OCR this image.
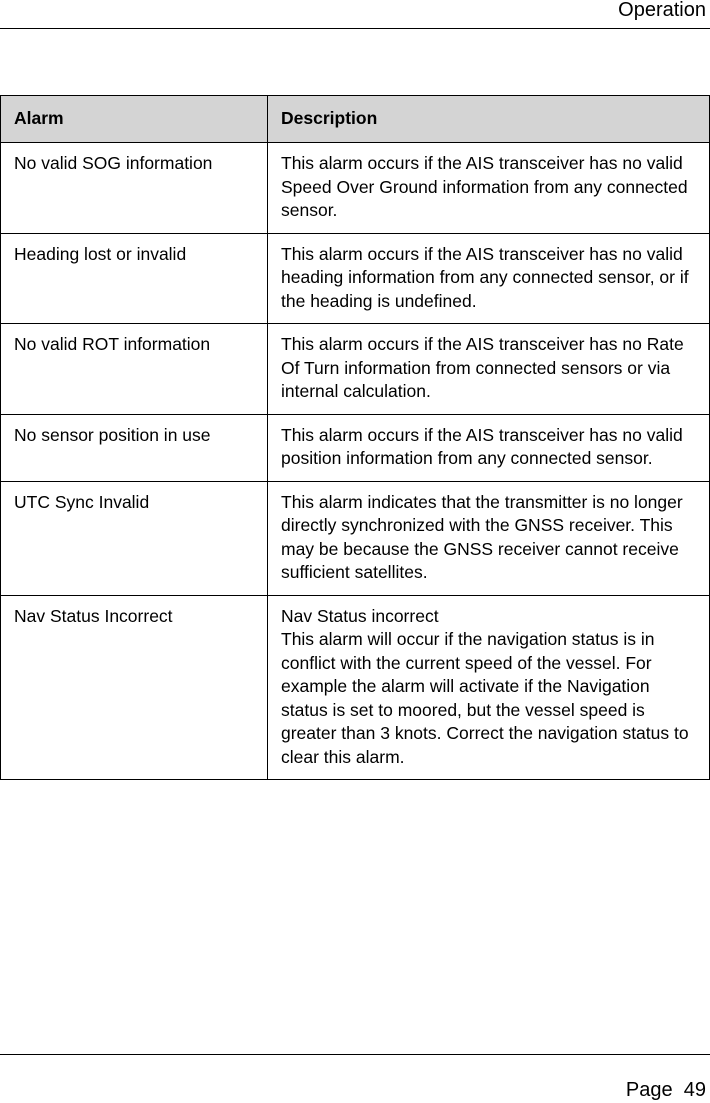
Operation
Alarm	Description
No valid SOG information	This alarm occurs if the AIS transceiver has no valid Speed Over Ground information from any connected sensor.

Heading lost or invalid	This alarm occurs if the AIS transceiver has no valid heading information from any connected sensor, or if the heading is undefined.

No valid ROT information	This alarm occurs if the AIS transceiver has no Rate Of Turn information from connected sensors or via internal calculation.

No sensor position in use	This alarm occurs if the AIS transceiver has no valid position information from any connected sensor.

UTC Sync Invalid	This alarm indicates that the transmitter is no longer directly synchronized with the GNSS receiver. This may be because the GNSS receiver cannot receive sufficient satellites.

Nav Status Incorrect	Nav Status incorrect
This alarm will occur if the navigation status is in conflict with the current speed of the vessel. For example the alarm will activate if the Navigation status is set to moored, but the vessel speed is greater than 3 knots. Correct the navigation status to clear this alarm.
Page  49
